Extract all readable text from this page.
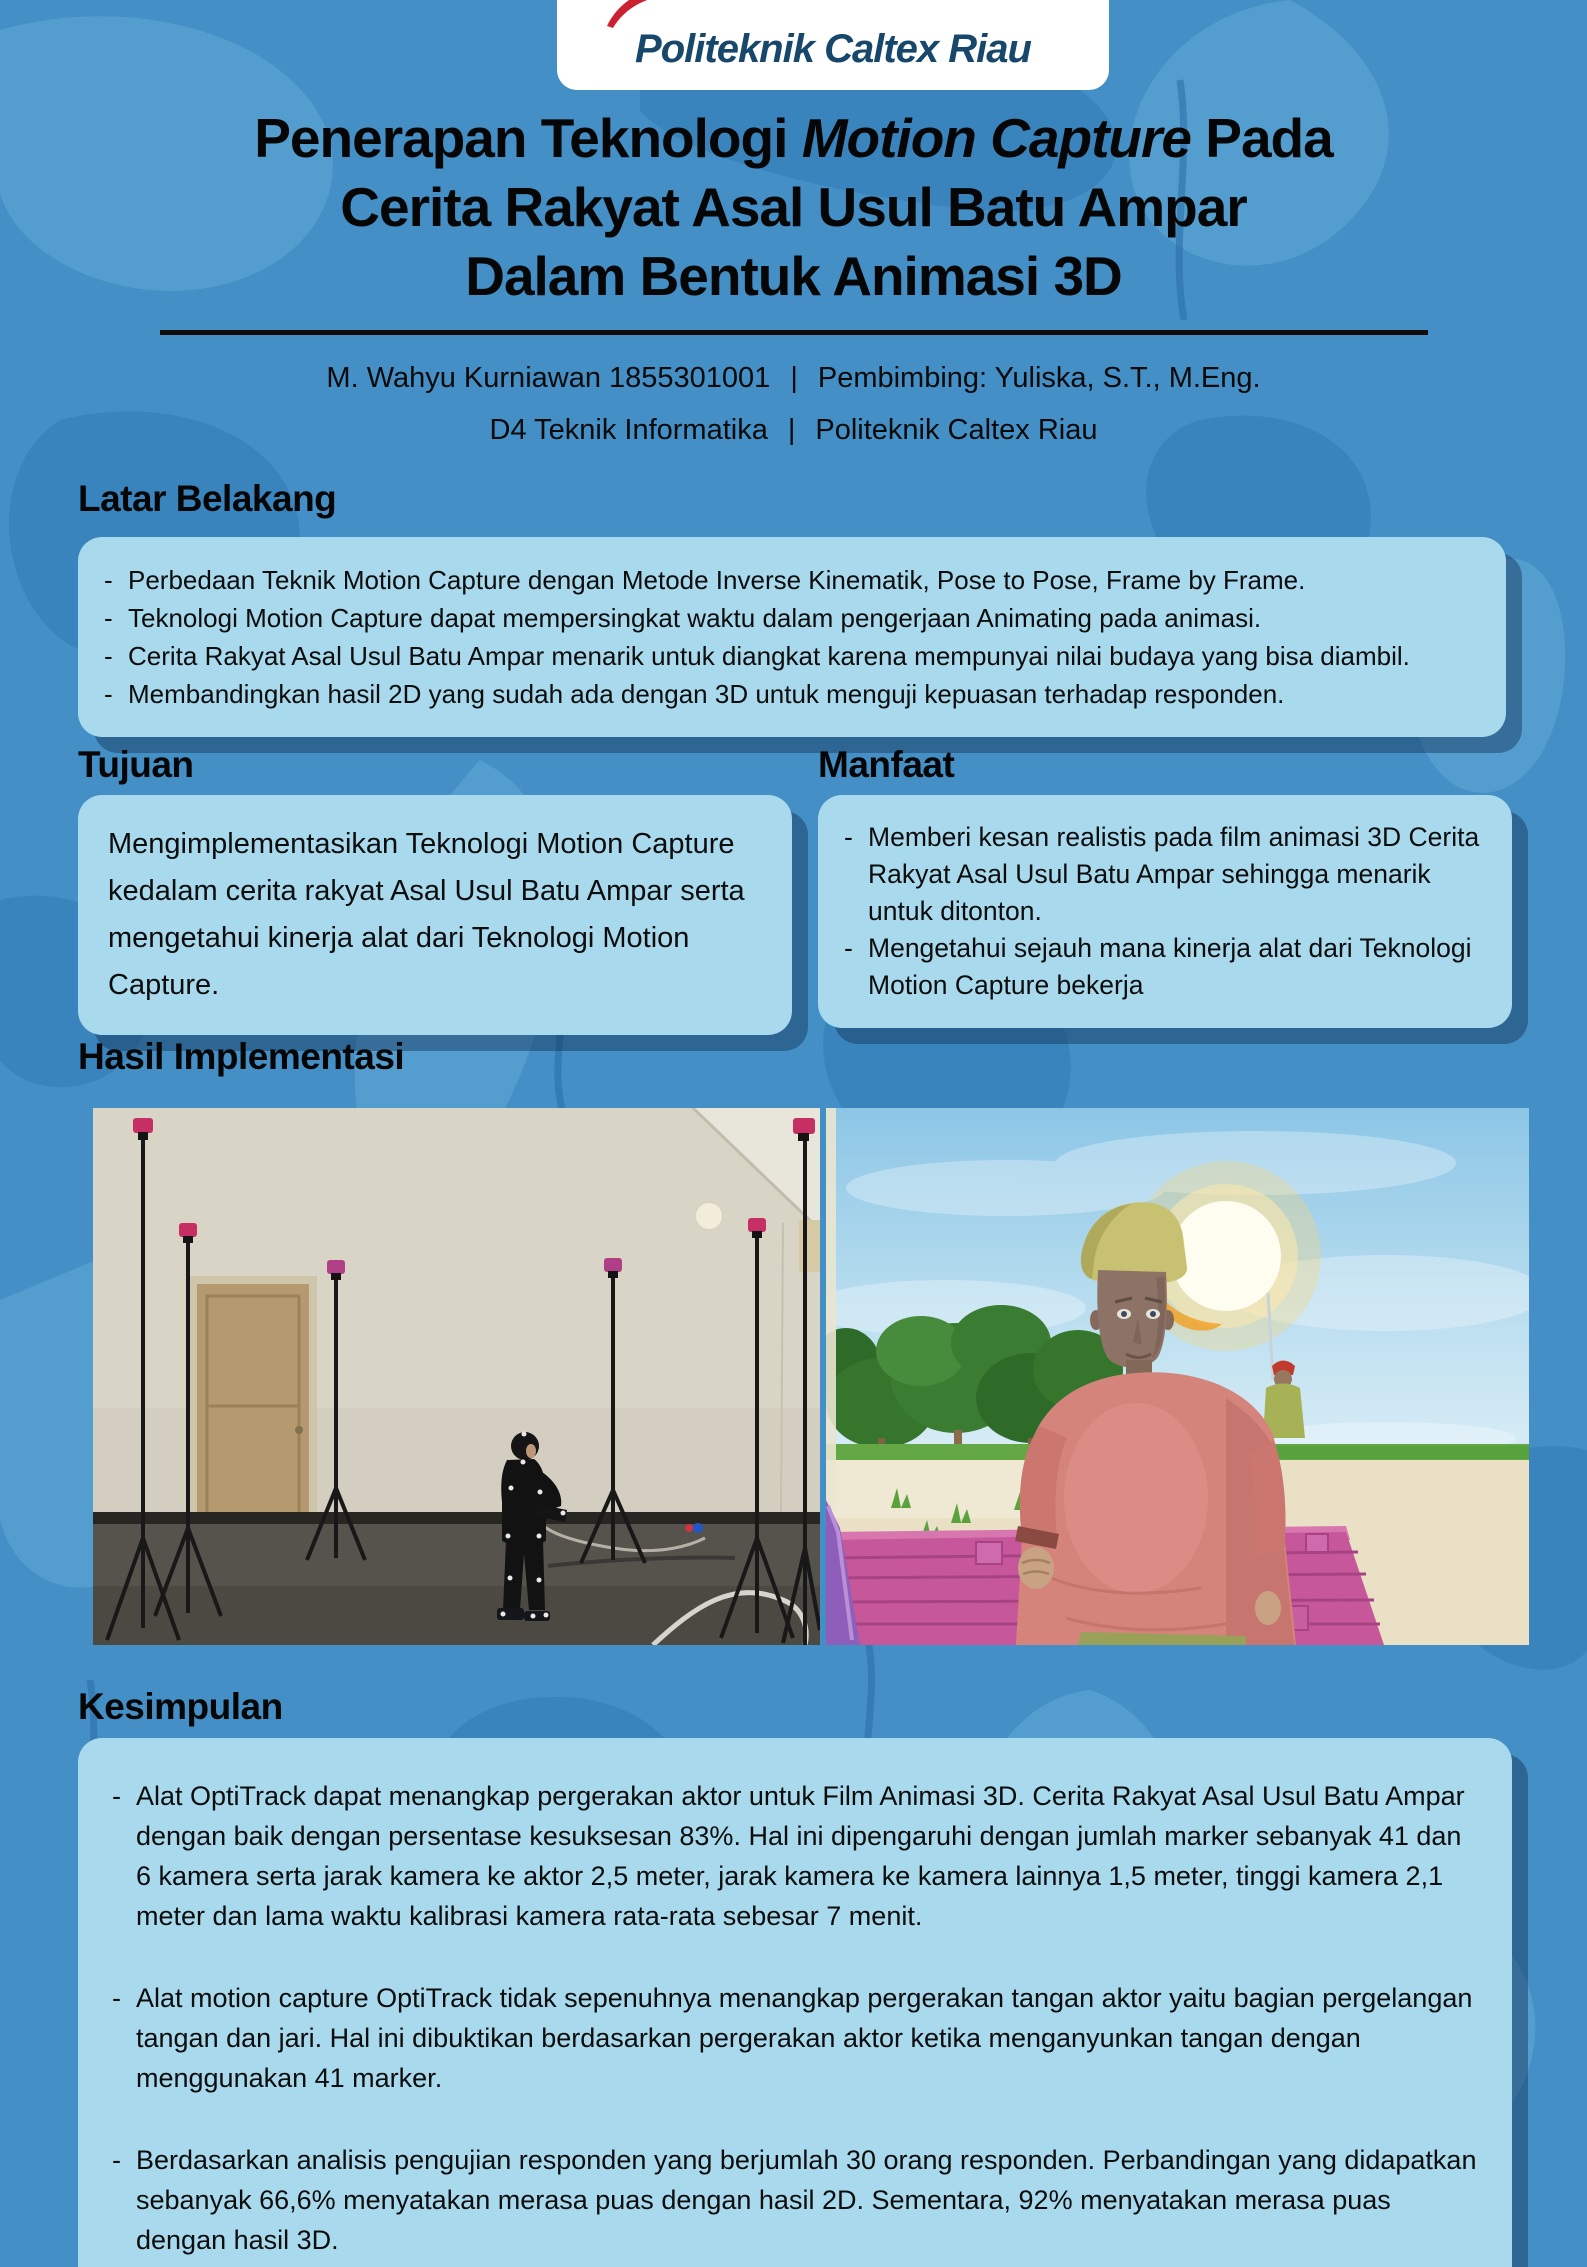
Politeknik Caltex Riau
Penerapan Teknologi Motion Capture Pada
Cerita Rakyat Asal Usul Batu Ampar
Dalam Bentuk Animasi 3D
M. Wahyu Kurniawan 1855301001 | Pembimbing: Yuliska, S.T., M.Eng.
D4 Teknik Informatika | Politeknik Caltex Riau
Latar Belakang
- Perbedaan Teknik Motion Capture dengan Metode Inverse Kinematik, Pose to Pose, Frame by Frame.
- Teknologi Motion Capture dapat mempersingkat waktu dalam pengerjaan Animating pada animasi.
- Cerita Rakyat Asal Usul Batu Ampar menarik untuk diangkat karena mempunyai nilai budaya yang bisa diambil.
- Membandingkan hasil 2D yang sudah ada dengan 3D untuk menguji kepuasan terhadap responden.
Tujuan
Mengimplementasikan Teknologi Motion Capture kedalam cerita rakyat Asal Usul Batu Ampar serta mengetahui kinerja alat dari Teknologi Motion Capture.
Manfaat
- Memberi kesan realistis pada film animasi 3D Cerita Rakyat Asal Usul Batu Ampar sehingga menarik untuk ditonton.
- Mengetahui sejauh mana kinerja alat dari Teknologi Motion Capture bekerja
Hasil Implementasi
Kesimpulan
- Alat OptiTrack dapat menangkap pergerakan aktor untuk Film Animasi 3D. Cerita Rakyat Asal Usul Batu Ampar dengan baik dengan persentase kesuksesan 83%. Hal ini dipengaruhi dengan jumlah marker sebanyak 41 dan 6 kamera serta jarak kamera ke aktor 2,5 meter, jarak kamera ke kamera lainnya 1,5 meter, tinggi kamera 2,1 meter dan lama waktu kalibrasi kamera rata-rata sebesar 7 menit.
- Alat motion capture OptiTrack tidak sepenuhnya menangkap pergerakan tangan aktor yaitu bagian pergelangan tangan dan jari. Hal ini dibuktikan berdasarkan pergerakan aktor ketika menganyunkan tangan dengan menggunakan 41 marker.
- Berdasarkan analisis pengujian responden yang berjumlah 30 orang responden. Perbandingan yang didapatkan sebanyak 66,6% menyatakan merasa puas dengan hasil 2D. Sementara, 92% menyatakan merasa puas dengan hasil 3D.
